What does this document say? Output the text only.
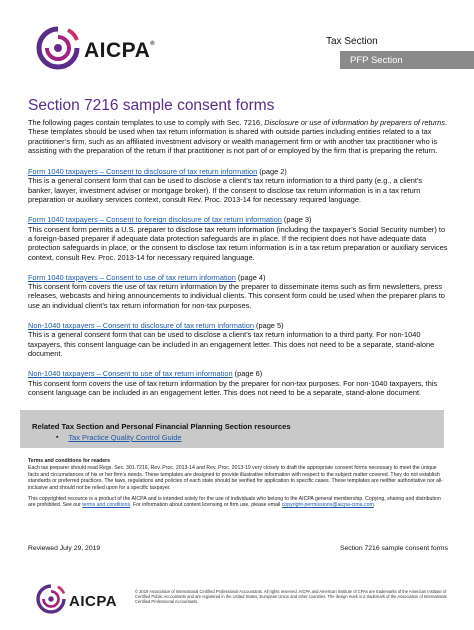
AICPA®	Tax Section
PFP Section
Section 7216 sample consent forms

The following pages contain templates to use to comply with Sec. 7216, Disclosure or use of information by preparers of returns. These templates should be used when tax return information is shared with outside parties including entities related to a tax practitioner’s firm, such as an affiliated investment advisory or wealth management firm or with another tax practitioner who is assisting with the preparation of the return if that practitioner is not part of or employed by the firm that is preparing the return.

Form 1040 taxpayers – Consent to disclosure of tax return information (page 2)
This is a general consent form that can be used to disclose a client’s tax return information to a third party (e.g., a client’s banker, lawyer, investment adviser or mortgage broker). If the consent to disclose tax return information is in a tax return preparation or auxiliary services context, consult Rev. Proc. 2013-14 for necessary required language.
Form 1040 taxpayers – Consent to foreign disclosure of tax return information (page 3)
This consent form permits a U.S. preparer to disclose tax return information (including the taxpayer’s Social Security number) to a foreign-based preparer if adequate data protection safeguards are in place. If the recipient does not have adequate data protection safeguards in place, or the consent to disclose tax return information is in a tax return preparation or auxiliary services context, consult Rev. Proc. 2013-14 for necessary required language.
Form 1040 taxpayers – Consent to use of tax return information (page 4)
This consent form covers the use of tax return information by the preparer to disseminate items such as firm newsletters, press releases, webcasts and hiring announcements to individual clients. This consent form could be used when the preparer plans to use an individual client’s tax return information for non-tax purposes.
Non-1040 taxpayers – Consent to disclosure of tax return information (page 5)
This is a general consent form that can be used to disclose a client’s tax return information to a third party. For non-1040 taxpayers, this consent language can be included in an engagement letter. This does not need to be a separate, stand-alone document.
Non-1040 taxpayers – Consent to use of tax return information (page 6)
This consent form covers the use of tax return information by the preparer for non-tax purposes. For non-1040 taxpayers, this consent language can be included in an engagement letter. This does not need to be a separate, stand-alone document.
Related Tax Section and Personal Financial Planning Section resources
▪ Tax Practice Quality Control Guide
Terms and conditions for readers

Each tax preparer should read Regs. Sec. 301.7216, Rev. Proc. 2013-14 and Rev. Proc. 2013-19 very closely to draft the appropriate consent forms necessary to meet the unique facts and circumstances of his or her firm’s needs. These templates are designed to provide illustrative information with respect to the subject matter covered. They do not establish standards or preferred practices. The laws, regulations and policies of each state should be verified for application to specific cases. These templates are neither authoritative nor all-inclusive and should not be relied upon for a specific taxpayer.

This copyrighted resource is a product of the AICPA and is intended solely for the use of individuals who belong to the AICPA general membership. Copying, sharing and distribution are prohibited. See our terms and conditions. For information about content licensing or firm use, please email copyright-permissions@aicpa-cima.com.

Reviewed July 29, 2019	Section 7216 sample consent forms
AICPA
© 2019 Association of International Certified Professional Accountants. All rights reserved. AICPA and American Institute of CPAs are trademarks of the American Institute of Certified Public Accountants and are registered in the United States, European Union and other countries. The design mark is a trademark of the Association of International Certified Professional Accountants.
